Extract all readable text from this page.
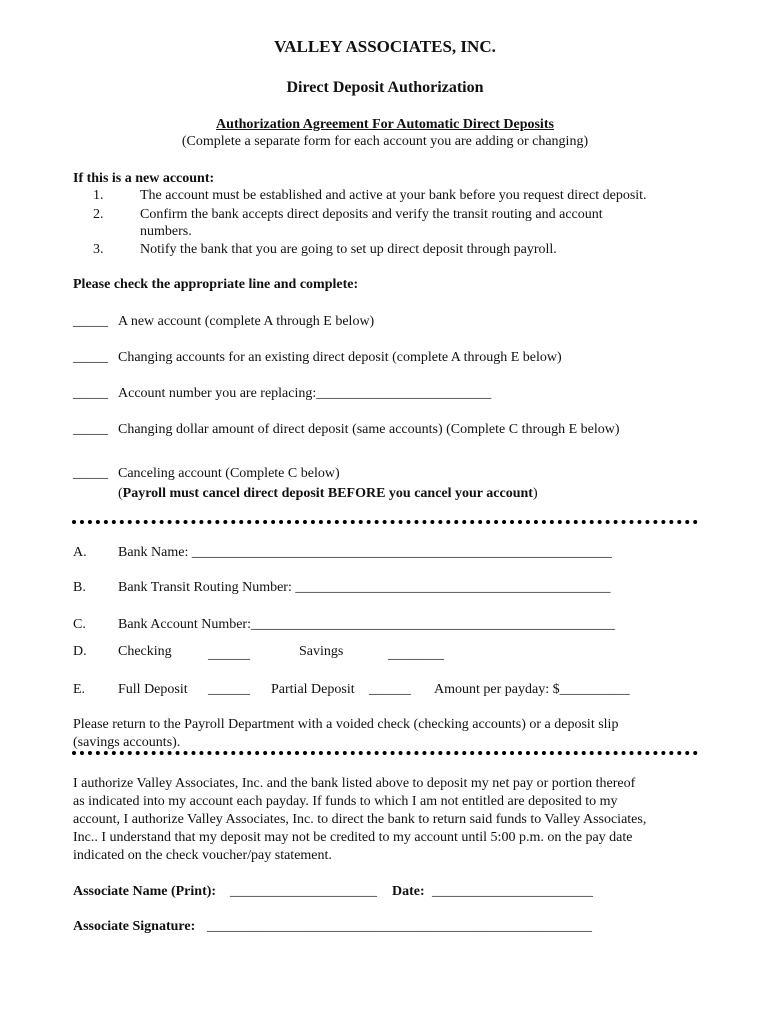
VALLEY ASSOCIATES, INC.
Direct Deposit Authorization
Authorization Agreement For Automatic Direct Deposits
(Complete a separate form for each account you are adding or changing)
If this is a new account:
1.	The account must be established and active at your bank before you request direct deposit.
2.	Confirm the bank accepts direct deposits and verify the transit routing and account
numbers.
3.	Notify the bank that you are going to set up direct deposit through payroll.
Please check the appropriate line and complete:
_____ A new account (complete A through E below)
_____ Changing accounts for an existing direct deposit (complete A through E below)
_____ Account number you are replacing:_________________________
_____ Changing dollar amount of direct deposit (same accounts) (Complete C through E below)
_____ Canceling account (Complete C below)
(Payroll must cancel direct deposit BEFORE you cancel your account)
A. Bank Name: ____________________________________________________________
B. Bank Transit Routing Number: _____________________________________________
C. Bank Account Number:____________________________________________________
D. Checking	______	Savings	________
E. Full Deposit ______ Partial Deposit ______ Amount per payday: $__________
Please return to the Payroll Department with a voided check (checking accounts) or a deposit slip
(savings accounts).
I authorize Valley Associates, Inc. and the bank listed above to deposit my net pay or portion thereof
as indicated into my account each payday. If funds to which I am not entitled are deposited to my
account, I authorize Valley Associates, Inc. to direct the bank to return said funds to Valley Associates,
Inc.. I understand that my deposit may not be credited to my account until 5:00 p.m. on the pay date
indicated on the check voucher/pay statement.
Associate Name (Print): _____________________ Date: _______________________
Associate Signature: _______________________________________________________
